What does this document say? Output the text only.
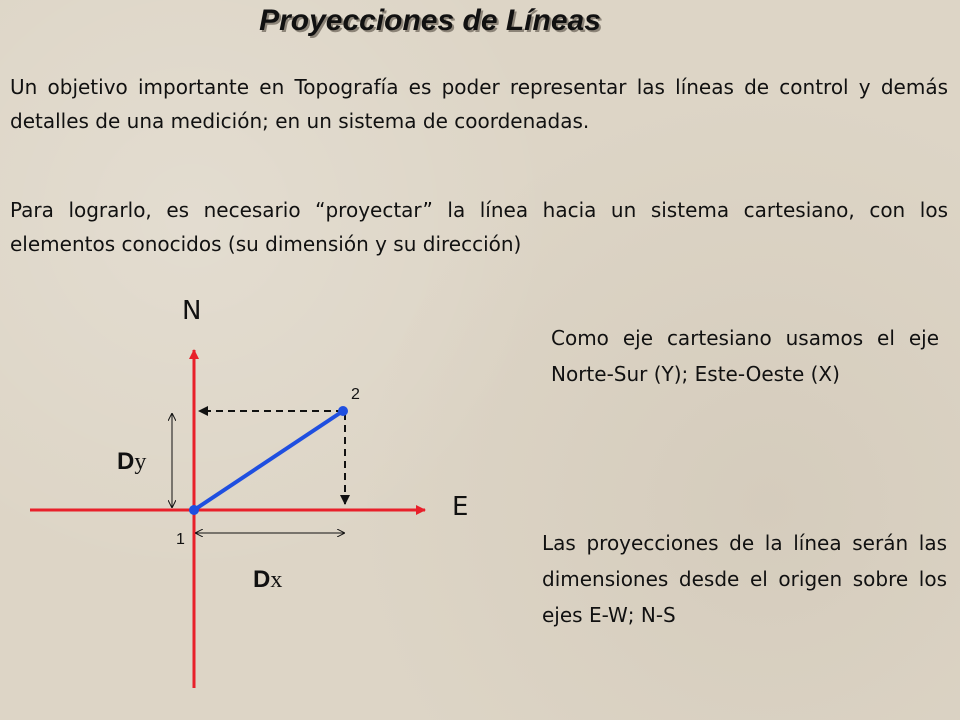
Proyecciones de Líneas

Un objetivo importante en Topografía es poder representar las líneas de control y demás detalles de una medición; en un sistema de coordenadas.

Para lograrlo, es necesario “proyectar” la línea hacia un sistema cartesiano, con los elementos conocidos (su dimensión y su dirección)

N
E
1
2
Dy
Dx

Como eje cartesiano usamos el eje Norte-Sur (Y); Este-Oeste (X)

Las proyecciones de la línea serán las dimensiones desde el origen sobre los ejes E-W; N-S
